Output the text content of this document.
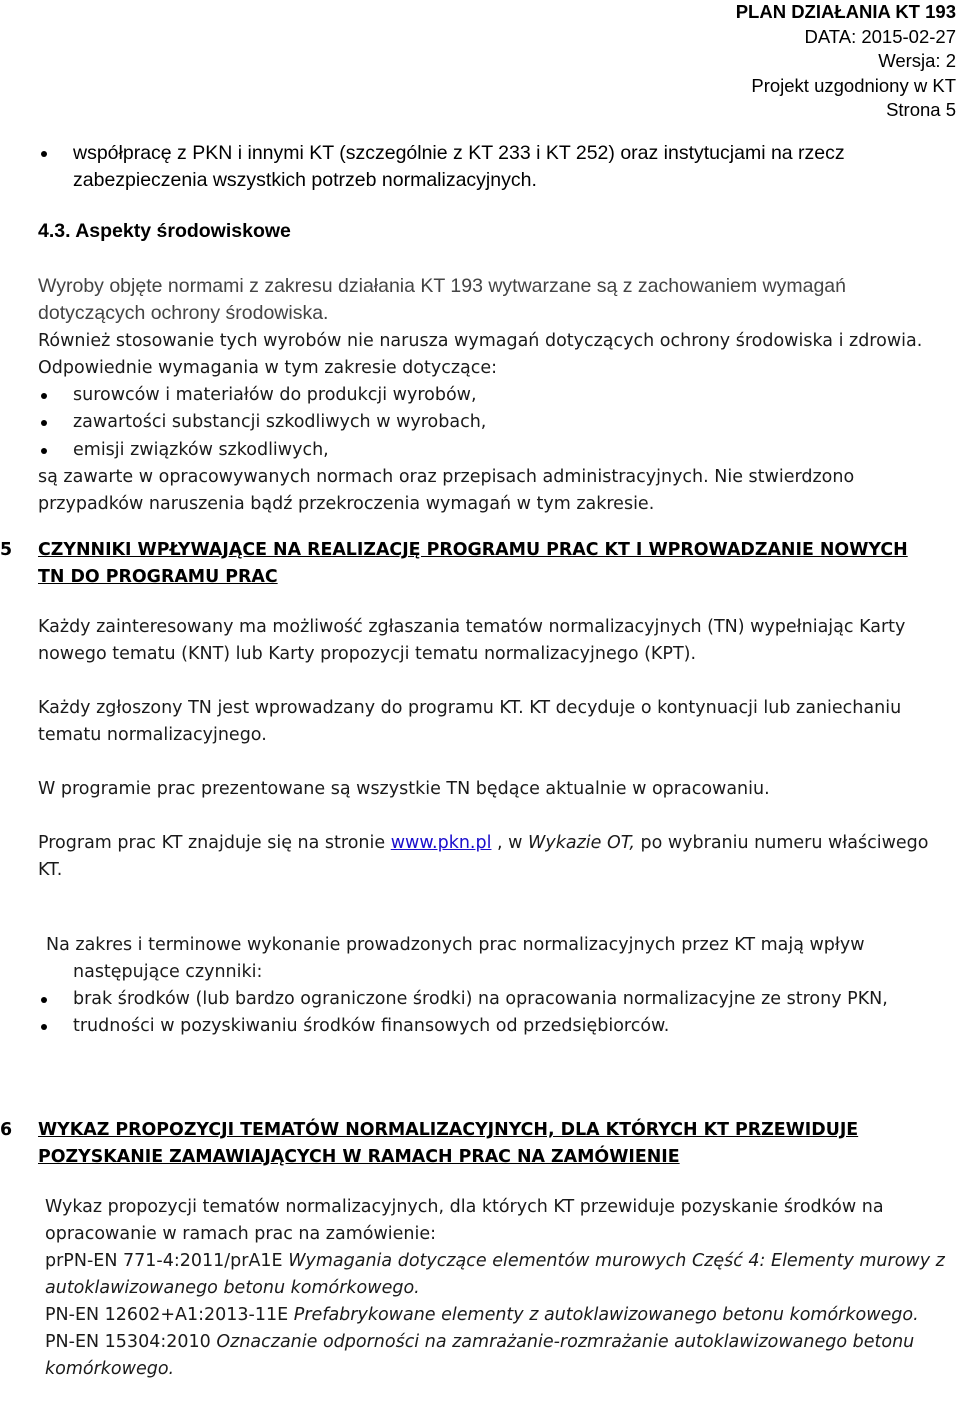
PLAN DZIAŁANIA KT 193
DATA: 2015-02-27
Wersja: 2
Projekt uzgodniony w KT
Strona 5
współpracę z PKN i innymi KT (szczególnie z KT 233 i KT 252) oraz instytucjami na rzecz zabezpieczenia wszystkich potrzeb normalizacyjnych.
4.3. Aspekty środowiskowe
Wyroby objęte normami z zakresu działania KT 193 wytwarzane są z zachowaniem wymagań dotyczących ochrony środowiska.
Również stosowanie tych wyrobów nie narusza wymagań dotyczących ochrony środowiska i zdrowia.
Odpowiednie wymagania w tym zakresie dotyczące:
surowców i materiałów do produkcji wyrobów,
zawartości substancji szkodliwych w wyrobach,
emisji związków szkodliwych,
są zawarte w opracowywanych normach oraz przepisach administracyjnych. Nie stwierdzono przypadków naruszenia bądź przekroczenia wymagań w tym zakresie.
5 CZYNNIKI WPŁYWAJĄCE NA REALIZACJĘ PROGRAMU PRAC KT I WPROWADZANIE NOWYCH TN DO PROGRAMU PRAC
Każdy zainteresowany ma możliwość zgłaszania tematów normalizacyjnych (TN) wypełniając Karty nowego tematu (KNT) lub Karty propozycji tematu normalizacyjnego (KPT).
Każdy zgłoszony TN jest wprowadzany do programu KT. KT decyduje o kontynuacji lub zaniechaniu tematu normalizacyjnego.
W programie prac prezentowane są wszystkie TN będące aktualnie w opracowaniu.
Program prac KT znajduje się na stronie www.pkn.pl , w Wykazie OT, po wybraniu numeru właściwego KT.
Na zakres i terminowe wykonanie prowadzonych prac normalizacyjnych przez KT mają wpływ następujące czynniki:
brak środków (lub bardzo ograniczone środki) na opracowania normalizacyjne ze strony PKN,
trudności w pozyskiwaniu środków finansowych od przedsiębiorców.
6 WYKAZ PROPOZYCJI TEMATÓW NORMALIZACYJNYCH, DLA KTÓRYCH KT PRZEWIDUJE POZYSKANIE ZAMAWIAJĄCYCH W RAMACH PRAC NA ZAMÓWIENIE
Wykaz propozycji tematów normalizacyjnych, dla których KT przewiduje pozyskanie środków na opracowanie w ramach prac na zamówienie:
prPN-EN 771-4:2011/prA1E Wymagania dotyczące elementów murowych Część 4: Elementy murowy z autoklawizowanego betonu komórkowego.
PN-EN 12602+A1:2013-11E Prefabrykowane elementy z autoklawizowanego betonu komórkowego.
PN-EN 15304:2010 Oznaczanie odporności na zamrażanie-rozmrażanie autoklawizowanego betonu komórkowego.
